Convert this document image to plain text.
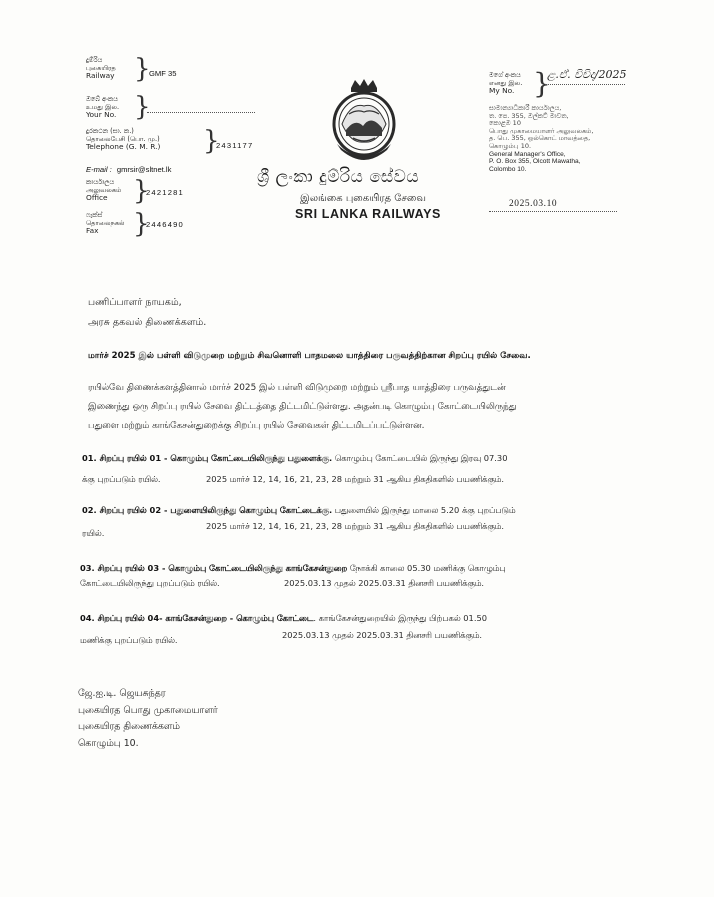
දුම්රිය
புகையிரத
Railway }
GMF 35
ඔබේ අංකය
உமது இல.
Your No. }
දුරකථන (සා. ක.)
தொலைபேசி (பொ. மு.)
Telephone (G. M. R.) }
2431177
E-mail : gmrsir@sltnet.lk
කාර්යාලය
அலுவலகம்
Office }
2421281
ෆැක්ස්
தொலைநகல்
Fax	}
2446490
ශ්‍රී ලංකා දුම්රිය සේවය
இலங்கை புகையிரத சேவை
SRI LANKA RAILWAYS
මගේ අංකය
எனது இல.
My No. }
ළ.ඒ. විවිද/2025
සාමාන්‍යාධිකාරී කාර්යාලය,
ත. පෙ. 355, ඔල්කට් මාවත,
කොළඹ 10
பொது முகாமையாளர் அலுவலகம்,
த. பெ. 355, ஒல்கொட் மாவத்தை,
கொழும்பு 10.
General Manager's Office,
P. O. Box 355, Olcott Mawatha,
Colombo 10.
2025.03.10
பணிப்பாளர் நாயகம்,
அரசு தகவல் திணைக்களம்.
மார்ச் 2025 இல் பள்ளி விடுமுறை மற்றும் சிவனொளி பாதமலை யாத்திரை பருவத்திற்கான சிறப்பு ரயில் சேவை.
ரயில்வே திணைக்களத்தினால் மார்ச் 2025 இல் பள்ளி விடுமுறை மற்றும் ஸ்ரீபாத யாத்திரை பருவத்துடன்
இணைந்து ஒரு சிறப்பு ரயில் சேவை திட்டத்தை திட்டமிட்டுள்ளது. அதன்படி கொழும்பு கோட்டையிலிருந்து
பதுளை மற்றும் காங்கேசன்துறைக்கு சிறப்பு ரயில் சேவைகள் திட்டமிடப்பட்டுள்ளன.
01. சிறப்பு ரயில் 01 - கொழும்பு கோட்டையிலிருந்து பதுளைக்கு. கொழும்பு கோட்டையில் இருந்து இரவு 07.30
க்கு புறப்படும் ரயில்.	2025 மார்ச் 12, 14, 16, 21, 23, 28 மற்றும் 31 ஆகிய திகதிகளில் பயணிக்கும்.
02. சிறப்பு ரயில் 02 - பதுளையிலிருந்து கொழும்பு கோட்டைக்கு. பதுளையில் இருந்து மாலை 5.20 க்கு புறப்படும்
ரயில்.
2025 மார்ச் 12, 14, 16, 21, 23, 28 மற்றும் 31 ஆகிய திகதிகளில் பயணிக்கும்.
03. சிறப்பு ரயில் 03 - கொழும்பு கோட்டையிலிருந்து காங்கேசன்துறை நோக்கி காலை 05.30 மணிக்கு கொழும்பு
கோட்டையிலிருந்து புறப்படும் ரயில்.	2025.03.13 முதல் 2025.03.31 தினசரி பயணிக்கும்.
04. சிறப்பு ரயில் 04- காங்கேசன்துறை - கொழும்பு கோட்டை. காங்கேசன்துறையில் இருந்து பிற்பகல் 01.50
மணிக்கு புறப்படும் ரயில்.	2025.03.13 முதல் 2025.03.31 தினசரி பயணிக்கும்.
ஜே.ஐ.டி. ஜெயசுந்தர
புகையிரத பொது முகாமையாளர்
புகையிரத திணைக்களம்
கொழும்பு 10.
